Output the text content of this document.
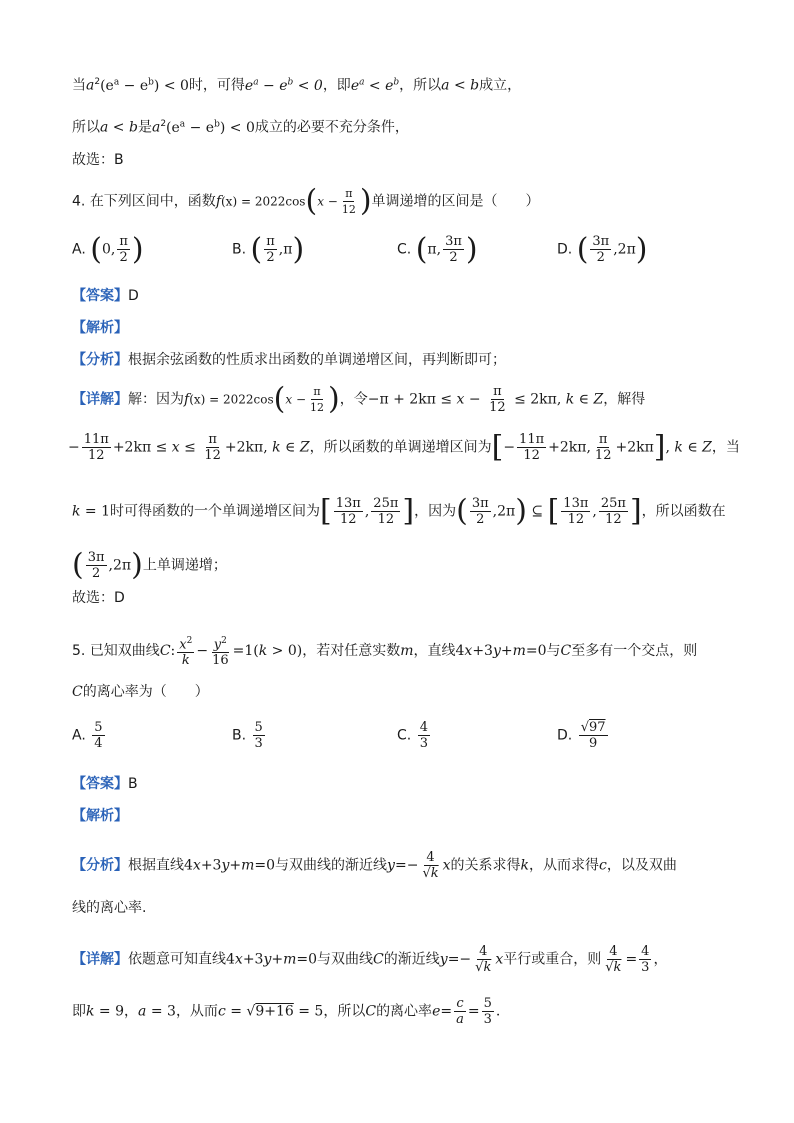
当$a^2(e^a - e^b) < 0$时，可得$e^a - e^b < 0$，即$e^a < e^b$，所以a < b成立，
所以a < b是$a^2(e^a - e^b) < 0$成立的必要不充分条件，
故选：B
4. 在下列区间中，函数$f(x) = 2022\cos(x - \frac{\pi}{12}$ )单调递增的区间是（　　）
A. (0, $\frac{\pi}{2}$ )	B. ( $\frac{\pi}{2} ,\pi$)	C. (π, $\frac{3\pi}{2}$ )	D. ( $\frac{3\pi}{2} ,2\pi$)
【答案】D
【解析】
【分析】根据余弦函数的性质求出函数的单调递增区间，再判断即可；
【详解】解：因为$f(x) = 2022\cos(x - \frac{\pi}{12}$ )，令$-\pi + 2k\pi \le x - \frac{\pi}{12} \le 2k\pi$, k ∈ Z，解得
− $\frac{11\pi}{12} +2k\pi \le x \le \frac{\pi}{12} +2k\pi$, k ∈ Z，所以函数的单调递增区间为[− $\frac{11\pi}{12} +2k\pi$, $\frac{\pi}{12} +2k\pi$], k ∈ Z，当
k = 1时可得函数的一个单调递增区间为[ $\frac{13\pi}{12}$ , $\frac{25\pi}{12}$ ]，因为( $\frac{3\pi}{2} ,2\pi$) ⊆ [ $\frac{13\pi}{12}$ , $\frac{25\pi}{12}$ ]，所以函数在
( $\frac{3\pi}{2} ,2\pi$)上单调递增；
故选：D
5. 已知双曲线C: $\frac{x^2}{k} - \frac{y^2}{16} =1(k > 0)$，若对任意实数m，直线4x+3y+m=0与C至多有一个交点，则
C的离心率为（　　）
A. $\frac{5}{4}$	B. $\frac{5}{3}$	C. $\frac{4}{3}$	D. $\frac{√97}{9}$
【答案】B
【解析】
【分析】根据直线4x+3y+m=0与双曲线的渐近线$y=- \frac{4}{√k}$ x的关系求得k，从而求得c，以及双曲
线的离心率.
【详解】依题意可知直线4x+3y+m=0与双曲线C的渐近线$y=- \frac{4}{√k}$ x平行或重合，则 $\frac{4}{√k} = \frac{4}{3}$ ，
即k = 9，a = 3，从而c = √9+16 = 5，所以C的离心率$e= \frac{c}{a} = \frac{5}{3}$ .
